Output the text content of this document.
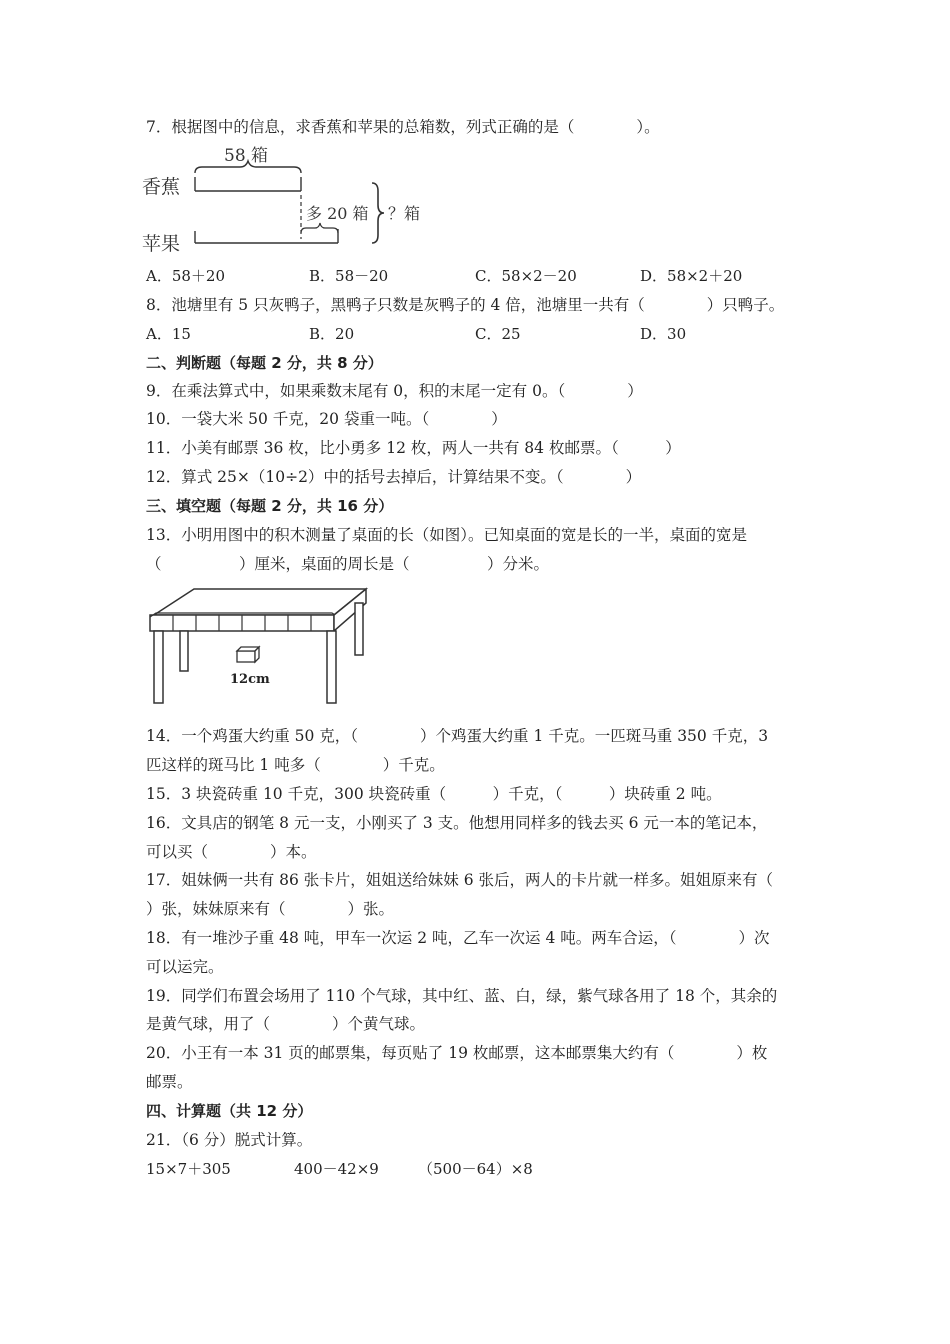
7．根据图中的信息，求香蕉和苹果的总箱数，列式正确的是（　　　　）。
58 箱
香蕉
多 20 箱
苹果
？箱
A．58＋20	B．58－20	C．58×2－20	D．58×2＋20
8．池塘里有 5 只灰鸭子，黑鸭子只数是灰鸭子的 4 倍，池塘里一共有（　　　　）只鸭子。
A．15	B．20	C．25	D．30
二、判断题（每题 2 分，共 8 分）
9．在乘法算式中，如果乘数末尾有 0，积的末尾一定有 0。（　　　　）
10．一袋大米 50 千克，20 袋重一吨。（　　　　）
11．小美有邮票 36 枚，比小勇多 12 枚，两人一共有 84 枚邮票。（　　　）
12．算式 25×（10÷2）中的括号去掉后，计算结果不变。（　　　　）
三、填空题（每题 2 分，共 16 分）
13．小明用图中的积木测量了桌面的长（如图）。已知桌面的宽是长的一半，桌面的宽是
（　　　　　）厘米，桌面的周长是（　　　　　）分米。
12cm
14．一个鸡蛋大约重 50 克，（　　　　）个鸡蛋大约重 1 千克。一匹斑马重 350 千克，3
匹这样的斑马比 1 吨多（　　　　）千克。
15．3 块瓷砖重 10 千克，300 块瓷砖重（　　　）千克，（　　　）块砖重 2 吨。
16．文具店的钢笔 8 元一支，小刚买了 3 支。他想用同样多的钱去买 6 元一本的笔记本，
可以买（　　　　）本。
17．姐妹俩一共有 86 张卡片，姐姐送给妹妹 6 张后，两人的卡片就一样多。姐姐原来有（
）张，妹妹原来有（　　　　）张。
18．有一堆沙子重 48 吨，甲车一次运 2 吨，乙车一次运 4 吨。两车合运，（　　　　）次
可以运完。
19．同学们布置会场用了 110 个气球，其中红、蓝、白，绿，紫气球各用了 18 个，其余的
是黄气球，用了（　　　　）个黄气球。
20．小王有一本 31 页的邮票集，每页贴了 19 枚邮票，这本邮票集大约有（　　　　）枚
邮票。
四、计算题（共 12 分）
21．（6 分）脱式计算。
15×7＋305	400－42×9	（500－64）×8
